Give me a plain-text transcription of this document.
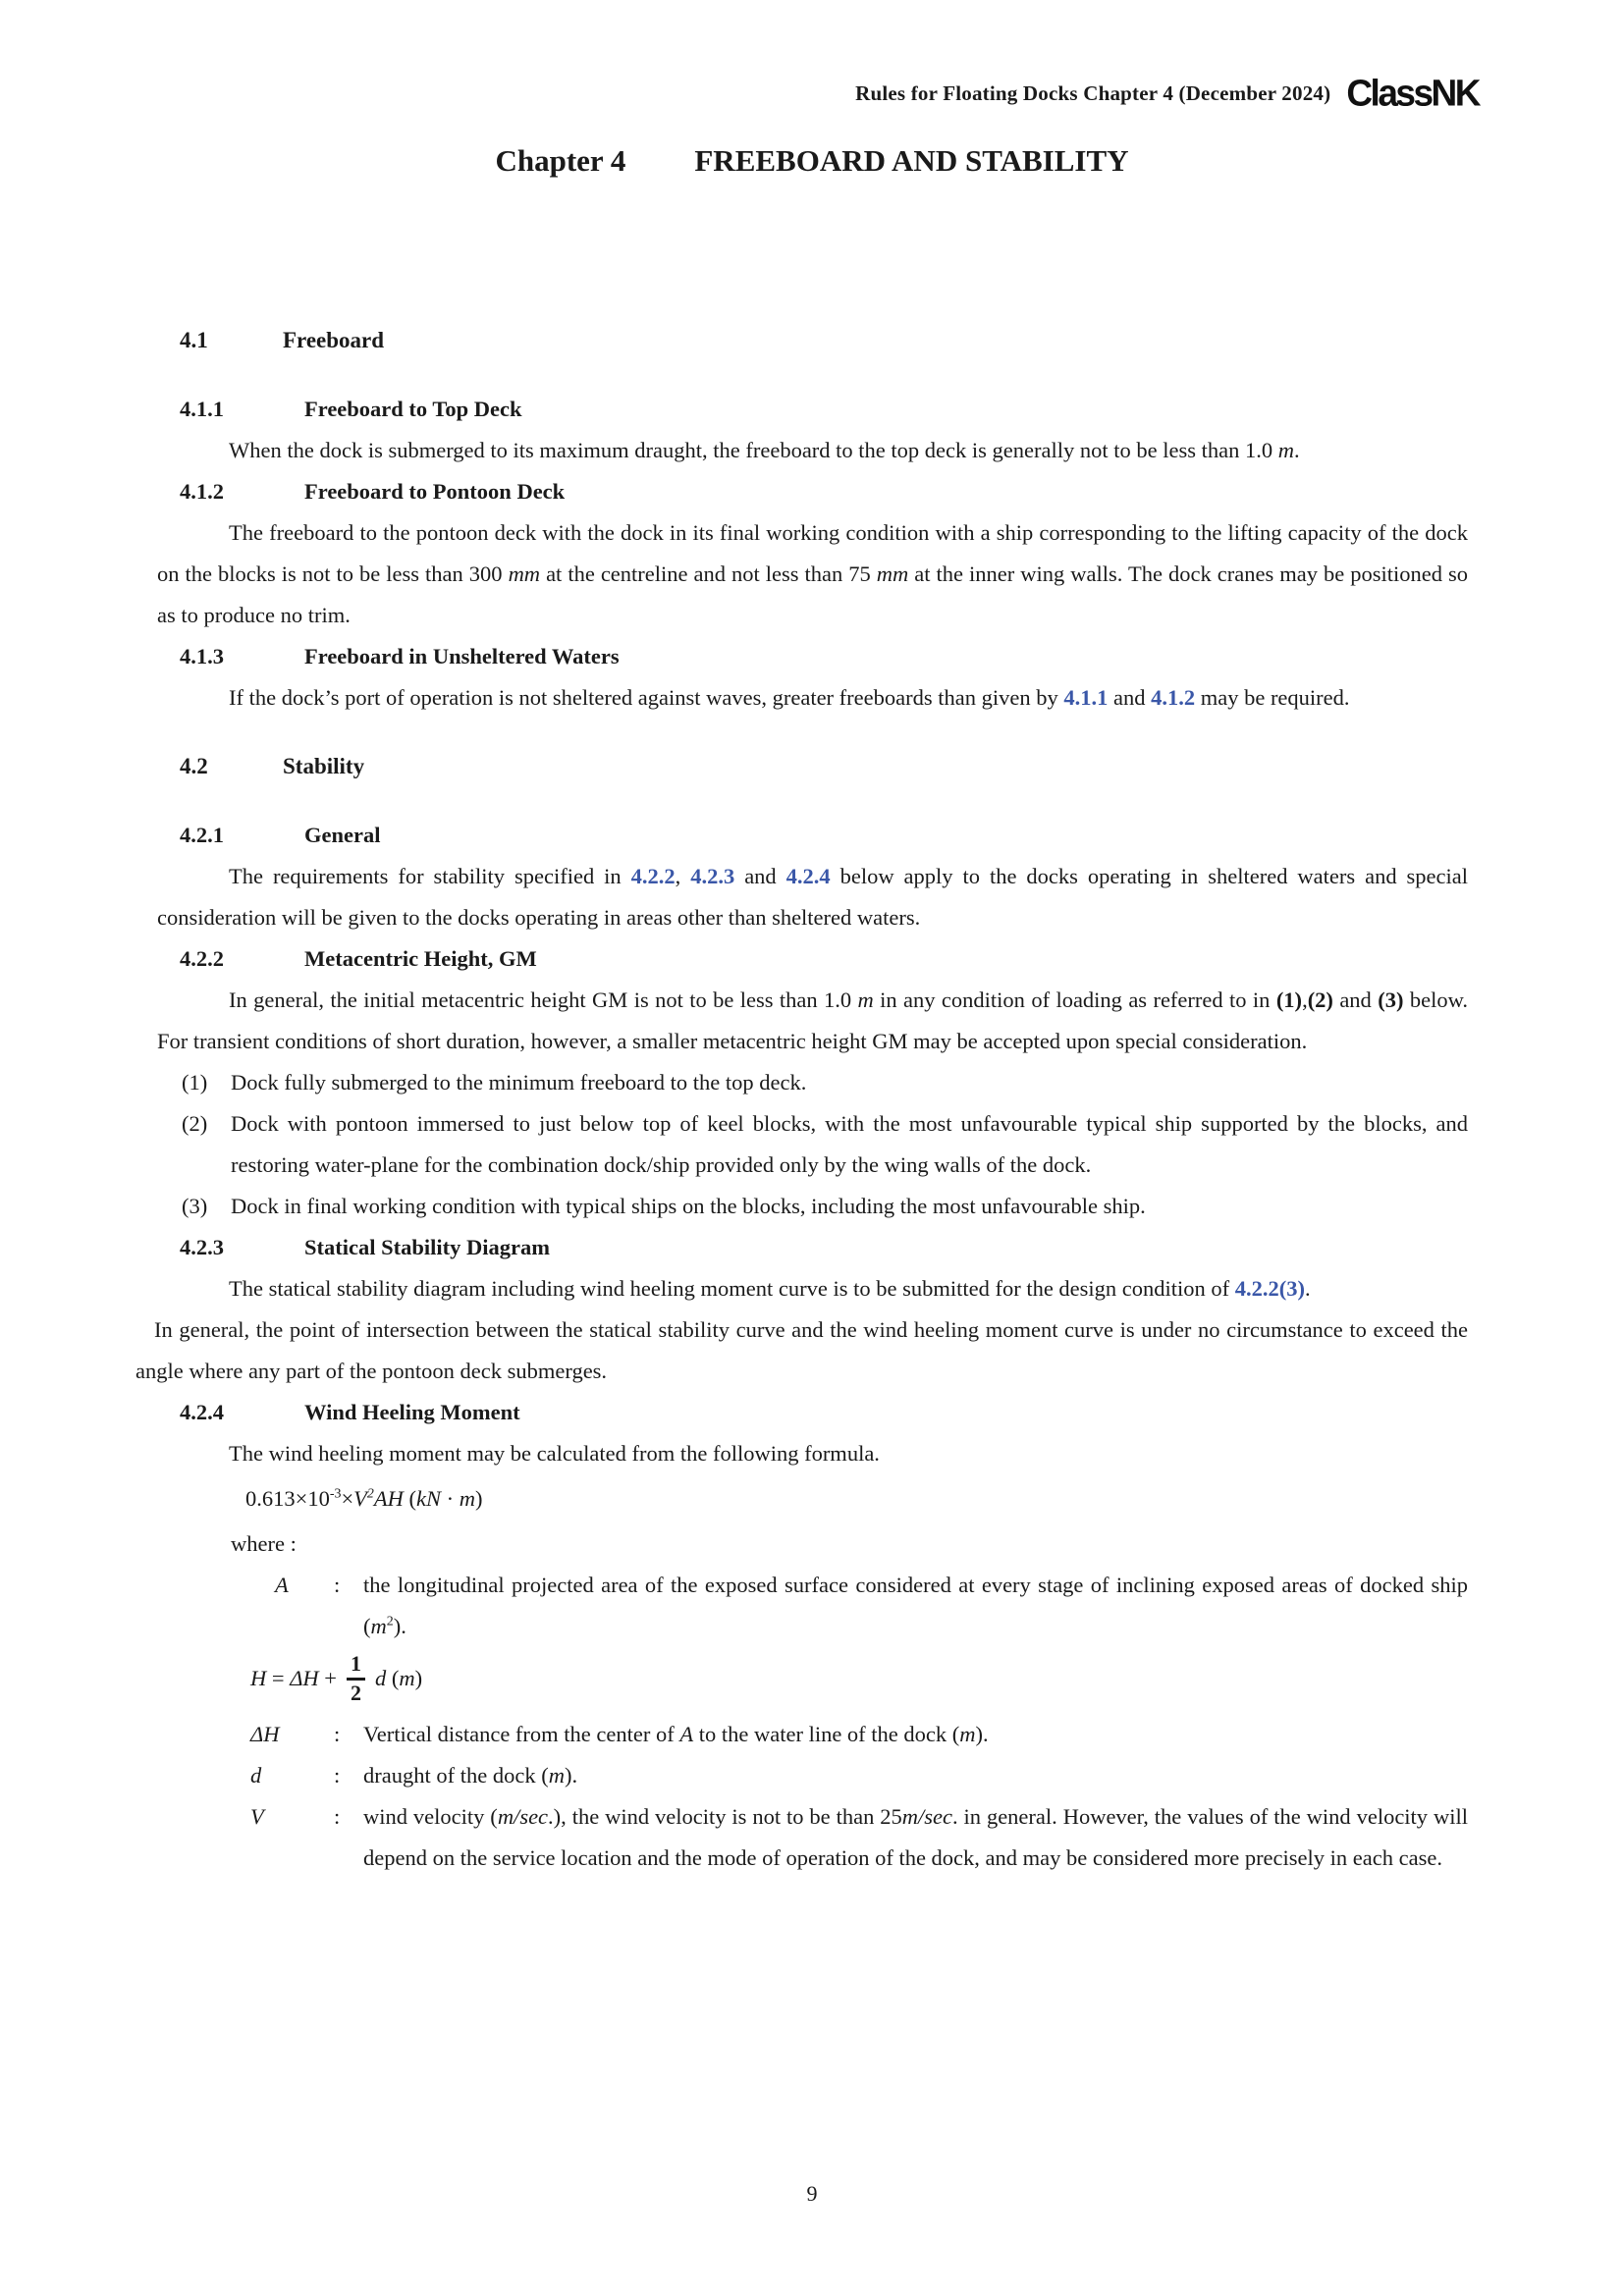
Rules for Floating Docks Chapter 4 (December 2024) ClassNK
Chapter 4 FREEBOARD AND STABILITY
4.1	Freeboard
4.1.1	Freeboard to Top Deck
When the dock is submerged to its maximum draught, the freeboard to the top deck is generally not to be less than 1.0 m.
4.1.2	Freeboard to Pontoon Deck
The freeboard to the pontoon deck with the dock in its final working condition with a ship corresponding to the lifting capacity of the dock on the blocks is not to be less than 300 mm at the centreline and not less than 75 mm at the inner wing walls. The dock cranes may be positioned so as to produce no trim.
4.1.3	Freeboard in Unsheltered Waters
If the dock’s port of operation is not sheltered against waves, greater freeboards than given by 4.1.1 and 4.1.2 may be required.
4.2	Stability
4.2.1	General
The requirements for stability specified in 4.2.2, 4.2.3 and 4.2.4 below apply to the docks operating in sheltered waters and special consideration will be given to the docks operating in areas other than sheltered waters.
4.2.2	Metacentric Height, GM
In general, the initial metacentric height GM is not to be less than 1.0 m in any condition of loading as referred to in (1),(2) and (3) below. For transient conditions of short duration, however, a smaller metacentric height GM may be accepted upon special consideration.
(1) Dock fully submerged to the minimum freeboard to the top deck.
(2) Dock with pontoon immersed to just below top of keel blocks, with the most unfavourable typical ship supported by the blocks, and restoring water-plane for the combination dock/ship provided only by the wing walls of the dock.
(3) Dock in final working condition with typical ships on the blocks, including the most unfavourable ship.
4.2.3	Statical Stability Diagram
The statical stability diagram including wind heeling moment curve is to be submitted for the design condition of 4.2.2(3).
In general, the point of intersection between the statical stability curve and the wind heeling moment curve is under no circumstance to exceed the angle where any part of the pontoon deck submerges.
4.2.4	Wind Heeling Moment
The wind heeling moment may be calculated from the following formula.
$0.613\times 10^{-3}\times V^2AH$ (kN · m)
where :
A	:	the longitudinal projected area of the exposed surface considered at every stage of inclining exposed areas of docked ship $(m^2)$.
$H = \Delta H + \frac{1}{2}$ d (m)
ΔH	:	Vertical distance from the center of A to the water line of the dock (m).
d	:	draught of the dock (m).
V	:	wind velocity (m/sec.), the wind velocity is not to be than 25m/sec. in general. However, the values of the wind velocity will depend on the service location and the mode of operation of the dock, and may be considered more precisely in each case.
9
